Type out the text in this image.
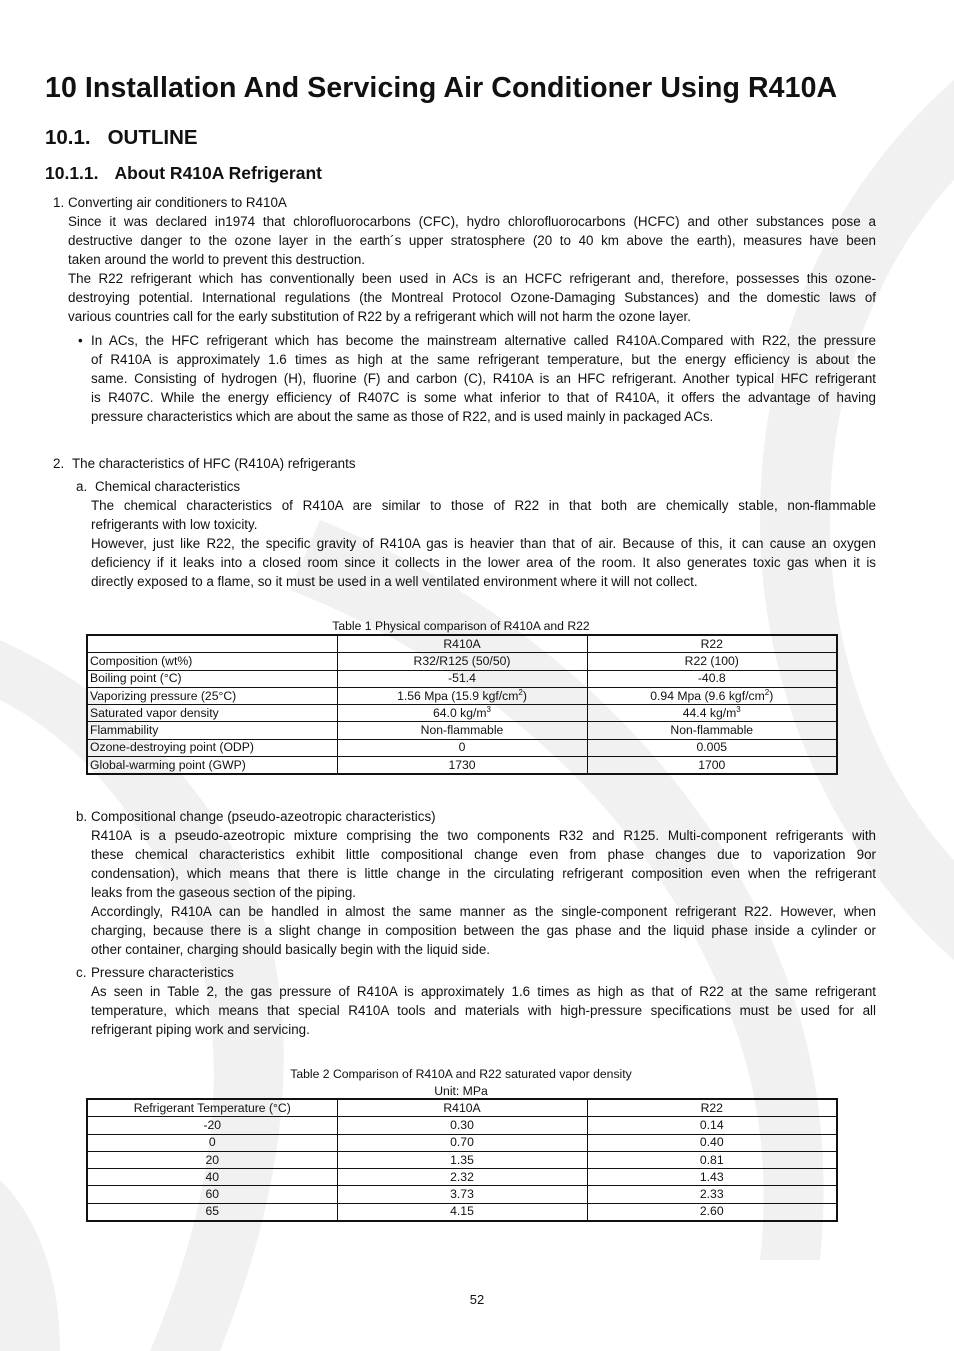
10 Installation And Servicing Air Conditioner Using R410A
10.1. OUTLINE
10.1.1. About R410A Refrigerant
1. Converting air conditioners to R410A
Since it was declared in1974 that chlorofluorocarbons (CFC), hydro chlorofluorocarbons (HCFC) and other substances pose a
destructive danger to the ozone layer in the earth´s upper stratosphere (20 to 40 km above the earth), measures have been
taken around the world to prevent this destruction.
The R22 refrigerant which has conventionally been used in ACs is an HCFC refrigerant and, therefore, possesses this ozone-
destroying potential. International regulations (the Montreal Protocol Ozone-Damaging Substances) and the domestic laws of
various countries call for the early substitution of R22 by a refrigerant which will not harm the ozone layer.
• In ACs, the HFC refrigerant which has become the mainstream alternative called R410A.Compared with R22, the pressure
of R410A is approximately 1.6 times as high at the same refrigerant temperature, but the energy efficiency is about the
same. Consisting of hydrogen (H), fluorine (F) and carbon (C), R410A is an HFC refrigerant. Another typical HFC refrigerant
is R407C. While the energy efficiency of R407C is some what inferior to that of R410A, it offers the advantage of having
pressure characteristics which are about the same as those of R22, and is used mainly in packaged ACs.
2. The characteristics of HFC (R410A) refrigerants
a. Chemical characteristics
The chemical characteristics of R410A are similar to those of R22 in that both are chemically stable, non-flammable
refrigerants with low toxicity.
However, just like R22, the specific gravity of R410A gas is heavier than that of air. Because of this, it can cause an oxygen
deficiency if it leaks into a closed room since it collects in the lower area of the room. It also generates toxic gas when it is
directly exposed to a flame, so it must be used in a well ventilated environment where it will not collect.
Table 1 Physical comparison of R410A and R22
	R410A	R22
Composition (wt%)	R32/R125 (50/50)	R22 (100)
Boiling point (°C)	-51.4	-40.8
Vaporizing pressure (25°C)	1.56 Mpa (15.9 kgf/$cm^2$)	0.94 Mpa (9.6 kgf/$cm^2$)
Saturated vapor density	64.0 $kg/m^3$	44.4 $kg/m^3$
Flammability	Non-flammable	Non-flammable
Ozone-destroying point (ODP)	0	0.005
Global-warming point (GWP)	1730	1700
b. Compositional change (pseudo-azeotropic characteristics)
R410A is a pseudo-azeotropic mixture comprising the two components R32 and R125. Multi-component refrigerants with
these chemical characteristics exhibit little compositional change even from phase changes due to vaporization 9or
condensation), which means that there is little change in the circulating refrigerant composition even when the refrigerant
leaks from the gaseous section of the piping.
Accordingly, R410A can be handled in almost the same manner as the single-component refrigerant R22. However, when
charging, because there is a slight change in composition between the gas phase and the liquid phase inside a cylinder or
other container, charging should basically begin with the liquid side.
c. Pressure characteristics
As seen in Table 2, the gas pressure of R410A is approximately 1.6 times as high as that of R22 at the same refrigerant
temperature, which means that special R410A tools and materials with high-pressure specifications must be used for all
refrigerant piping work and servicing.
Table 2 Comparison of R410A and R22 saturated vapor density
Unit: MPa
Refrigerant Temperature (°C)	R410A	R22
-20	0.30	0.14
0	0.70	0.40
20	1.35	0.81
40	2.32	1.43
60	3.73	2.33
65	4.15	2.60
52
